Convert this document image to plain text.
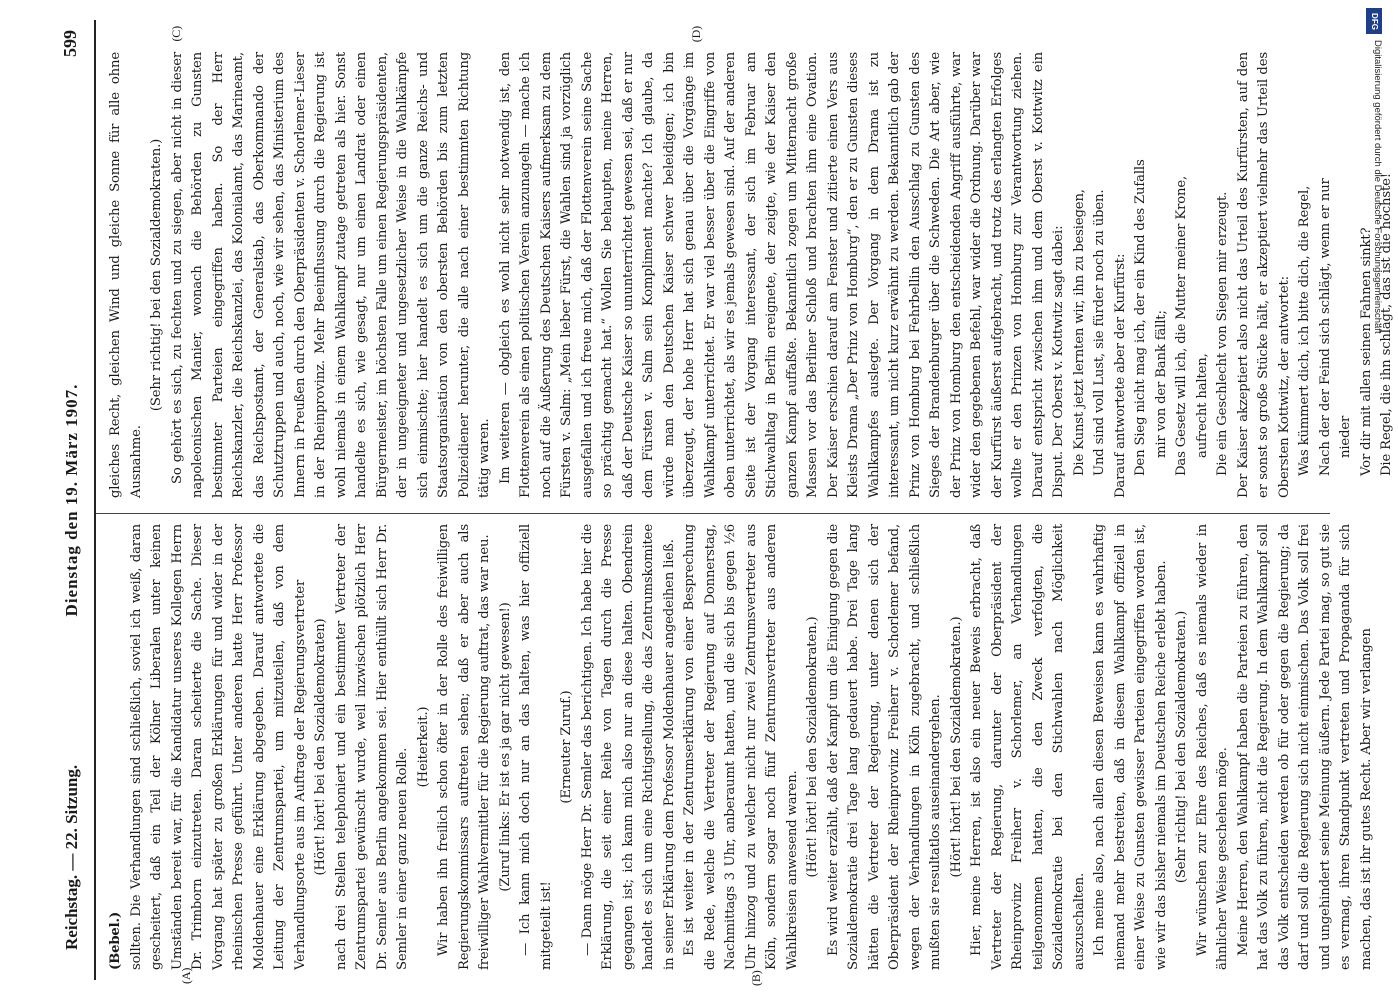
Reichstag. — 22. Sitzung.
Dienstag den 19. März 1907.
599
(A)	(B)

(Bebel.) sollten. Die Verhandlungen sind schließlich, soviel ich weiß, daran gescheitert, daß ein Teil der Kölner Liberalen unter keinen Umständen bereit war, für die Kandidatur unseres Kollegen Herrn Dr. Trimborn einzutreten. Daran scheiterte die Sache. Dieser Vorgang hat später zu großen Erklärungen für und wider in der rheinischen Presse geführt. Unter anderen hatte Herr Professor Moldenhauer eine Erklärung abgegeben. Darauf antwortete die Leitung der Zentrumspartei, um mitzuteilen, daß von dem Verhandlungsorte aus im Auftrage der Regierungsvertreter (Hört! hört! bei den Sozialdemokraten) nach drei Stellen telephoniert und ein bestimmter Vertreter der Zentrumspartei gewünscht wurde, weil inzwischen plötzlich Herr Dr. Semler aus Berlin angekommen sei. Hier enthüllt sich Herr Dr. Semler in einer ganz neuen Rolle.

(Heiterkeit.) Wir haben ihn freilich schon öfter in der Rolle des freiwilligen Regierungskommissars auftreten sehen; daß er aber auch als freiwilliger Wahlvermittler für die Regierung auftrat, das war neu. (Zuruf links: Er ist es ja gar nicht gewesen!) — Ich kann mich doch nur an das halten, was hier offiziell mitgeteilt ist!

(Erneuter Zuruf.) — Dann möge Herr Dr. Semler das berichtigen. Ich habe hier die Erklärung, die seit einer Reihe von Tagen durch die Presse gegangen ist; ich kann mich also nur an diese halten. Obendrein handelt es sich um eine Richtigstellung, die das Zentrumskomitee in seiner Erklärung dem Professor Moldenhauer angedeihen ließ. Es ist weiter in der Zentrumserklärung von einer Besprechung die Rede, welche die Vertreter der Regierung auf Donnerstag, Nachmittags 3 Uhr, anberaumt hatten, und die sich bis gegen ½6 Uhr hinzog und zu welcher nicht nur zwei Zentrumsvertreter aus Köln, sondern sogar noch fünf Zentrumsvertreter aus anderen Wahlkreisen anwesend waren. (Hört! hört! bei den Sozialdemokraten.) Es wird weiter erzählt, daß der Kampf um die Einigung gegen die Sozialdemokratie drei Tage lang gedauert habe. Drei Tage lang hätten die Vertreter der Regierung, unter denen sich der Oberpräsident der Rheinprovinz Freiherr v. Schorlemer befand, wegen der Verhandlungen in Köln zugebracht, und schließlich mußten sie resultatlos auseinandergehen. (Hört! hört! bei den Sozialdemokraten.) Hier, meine Herren, ist also ein neuer Beweis erbracht, daß Vertreter der Regierung, darunter der Oberpräsident der Rheinprovinz Freiherr v. Schorlemer, an Verhandlungen teilgenommen hatten, die den Zweck verfolgten, die Sozialdemokratie bei den Stichwahlen nach Möglichkeit auszuschalten. Ich meine also, nach allen diesen Beweisen kann es wahrhaftig niemand mehr bestreiten, daß in diesem Wahlkampf offiziell in einer Weise zu Gunsten gewisser Parteien eingegriffen worden ist, wie wir das bisher niemals im Deutschen Reiche erlebt haben. (Sehr richtig! bei den Sozialdemokraten.) Wir wünschen zur Ehre des Reiches, daß es niemals wieder in ähnlicher Weise geschehen möge. Meine Herren, den Wahlkampf haben die Parteien zu führen, den hat das Volk zu führen, nicht die Regierung. In dem Wahlkampf soll das Volk entscheiden werden ob für oder gegen die Regierung; da darf und soll die Regierung sich nicht einmischen. Das Volk soll frei und ungehindert seine Meinung äußern. Jede Partei mag, so gut sie es vermag, ihren Standpunkt vertreten und Propaganda für sich machen, das ist ihr gutes Recht. Aber wir verlangen

(C)	(D)

gleiches Recht, gleichen Wind und gleiche Sonne für alle ohne Ausnahme.

(Sehr richtig! bei den Sozialdemokraten.) So gehört es sich, zu fechten und zu siegen, aber nicht in dieser napoleonischen Manier, wonach die Behörden zu Gunsten bestimmter Parteien eingegriffen haben. So der Herr Reichskanzler, die Reichskanzlei, das Kolonialamt, das Marineamt, das Reichspostamt, der Generalstab, das Oberkommando der Schutztruppen und auch, noch, wie wir sehen, das Ministerium des Innern in Preußen durch den Oberpräsidenten v. Schorlemer-Lieser in der Rheinprovinz. Mehr Beeinflussung durch die Regierung ist wohl niemals in einem Wahlkampf zutage getreten als hier. Sonst handelte es sich, wie gesagt, nur um einen Landrat oder einen Bürgermeister, im höchsten Falle um einen Regierungspräsidenten, der in ungeeigneter und ungesetzlicher Weise in die Wahlkämpfe sich einmischte; hier handelt es sich um die ganze Reichs- und Staatsorganisation von den obersten Behörden bis zum letzten Polizeidiener herunter, die alle nach einer bestimmten Richtung tätig waren. Im weiteren — obgleich es wohl nicht sehr notwendig ist, den Flottenverein als einen politischen Verein anzunageln — mache ich noch auf die Äußerung des Deutschen Kaisers aufmerksam zu dem Fürsten v. Salm: „Mein lieber Fürst, die Wahlen sind ja vorzüglich ausgefallen und ich freue mich, daß der Flottenverein seine Sache so prächtig gemacht hat.“ Wollen Sie behaupten, meine Herren, daß der Deutsche Kaiser so ununterrichtet gewesen sei, daß er nur dem Fürsten v. Salm sein Kompliment machte? Ich glaube, da würde man den Deutschen Kaiser schwer beleidigen; ich bin überzeugt, der hohe Herr hat sich genau über die Vorgänge im Wahlkampf unterrichtet. Er war viel besser über die Eingriffe von oben unterrichtet, als wir es jemals gewesen sind. Auf der anderen Seite ist der Vorgang interessant, der sich im Februar am Stichwahltag in Berlin ereignete, der zeigte, wie der Kaiser den ganzen Kampf auffaßte. Bekanntlich zogen um Mitternacht große Massen vor das Berliner Schloß und brachten ihm eine Ovation. Der Kaiser erschien darauf am Fenster und zitierte einen Vers aus Kleists Drama „Der Prinz von Homburg“, den er zu Gunsten dieses Wahlkampfes auslegte. Der Vorgang in dem Drama ist zu interessant, um nicht kurz erwähnt zu werden. Bekanntlich gab der Prinz von Homburg bei Fehrbellin den Ausschlag zu Gunsten des Sieges der Brandenburger über die Schweden. Die Art aber, wie der Prinz von Homburg den entscheidenden Angriff ausführte, war wider den gegebenen Befehl, war wider die Ordnung. Darüber war der Kurfürst äußerst aufgebracht, und trotz des erlangten Erfolges wollte er den Prinzen von Homburg zur Verantwortung ziehen. Darauf entspricht zwischen ihm und dem Oberst v. Kottwitz ein Disput. Der Oberst v. Kottwitz sagt dabei: Die Kunst jetzt lernten wir, ihn zu besiegen, Und sind voll Lust, sie fürder noch zu üben. Darauf antwortete aber der Kurfürst: Den Sieg nicht mag ich, der ein Kind des Zufalls mir von der Bank fällt; Das Gesetz will ich, die Mutter meiner Krone, aufrecht halten, Die ein Geschlecht von Siegen mir erzeugt. Der Kaiser akzeptiert also nicht das Urteil des Kurfürsten, auf den er sonst so große Stücke hält, er akzeptiert vielmehr das Urteil des Obersten Kottwitz, der antwortet: Was kümmert dich, ich bitte dich, die Regel, Nach der der Feind sich schlägt, wenn er nur nieder Vor dir mit allen seinen Fahnen sinkt? Die Regel, die ihn schlägt, das ist die höchste!

DFG
Digitalisierung gefördert durch die Deutsche Forschungsgemeinschaft
